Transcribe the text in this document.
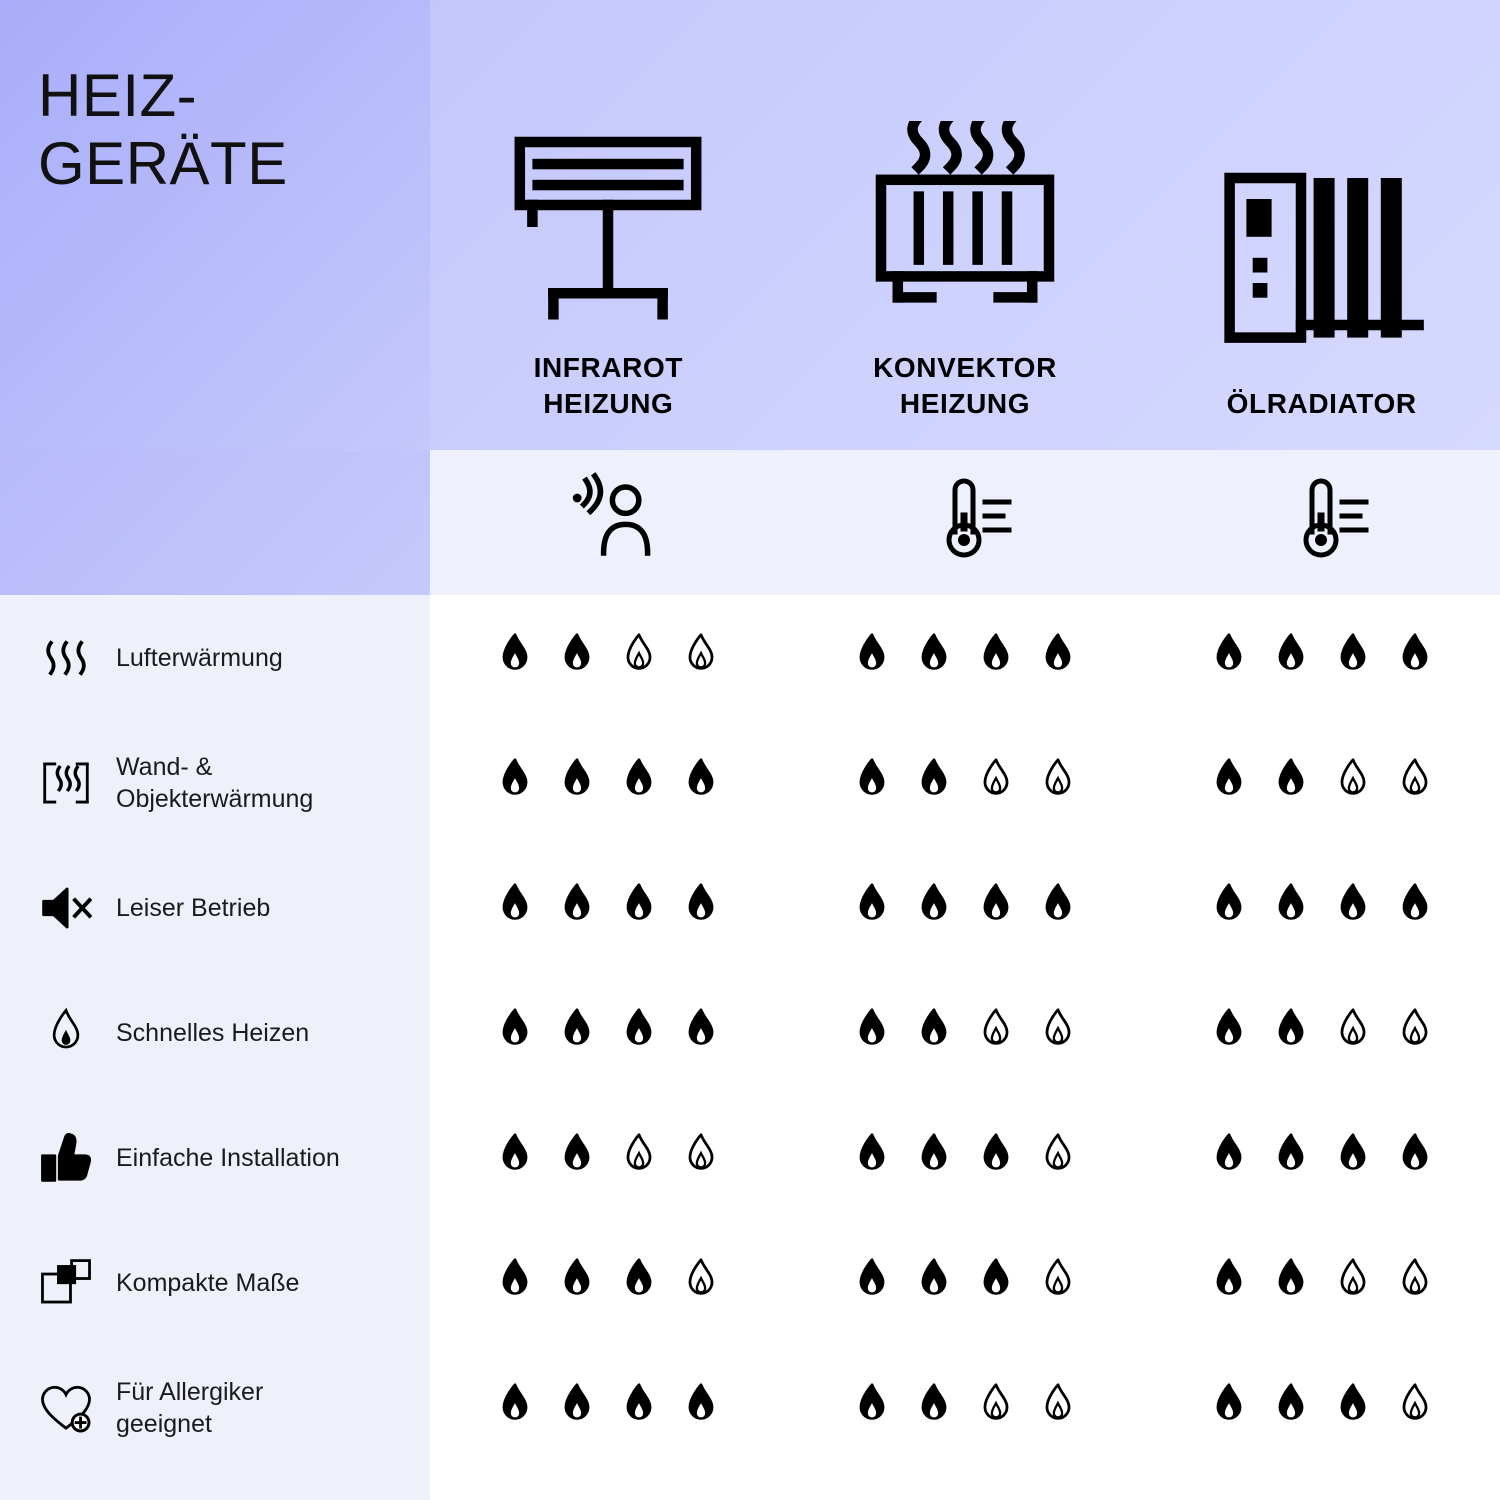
HEIZ-
GERÄTE
INFRAROT
HEIZUNG
KONVEKTOR
HEIZUNG	ÖLRADIATOR
Lufterwärmung
Wand- &
Objekterwärmung
Leiser Betrieb
Schnelles Heizen
Einfache Installation
Kompakte Maße
Für Allergiker
geeignet
